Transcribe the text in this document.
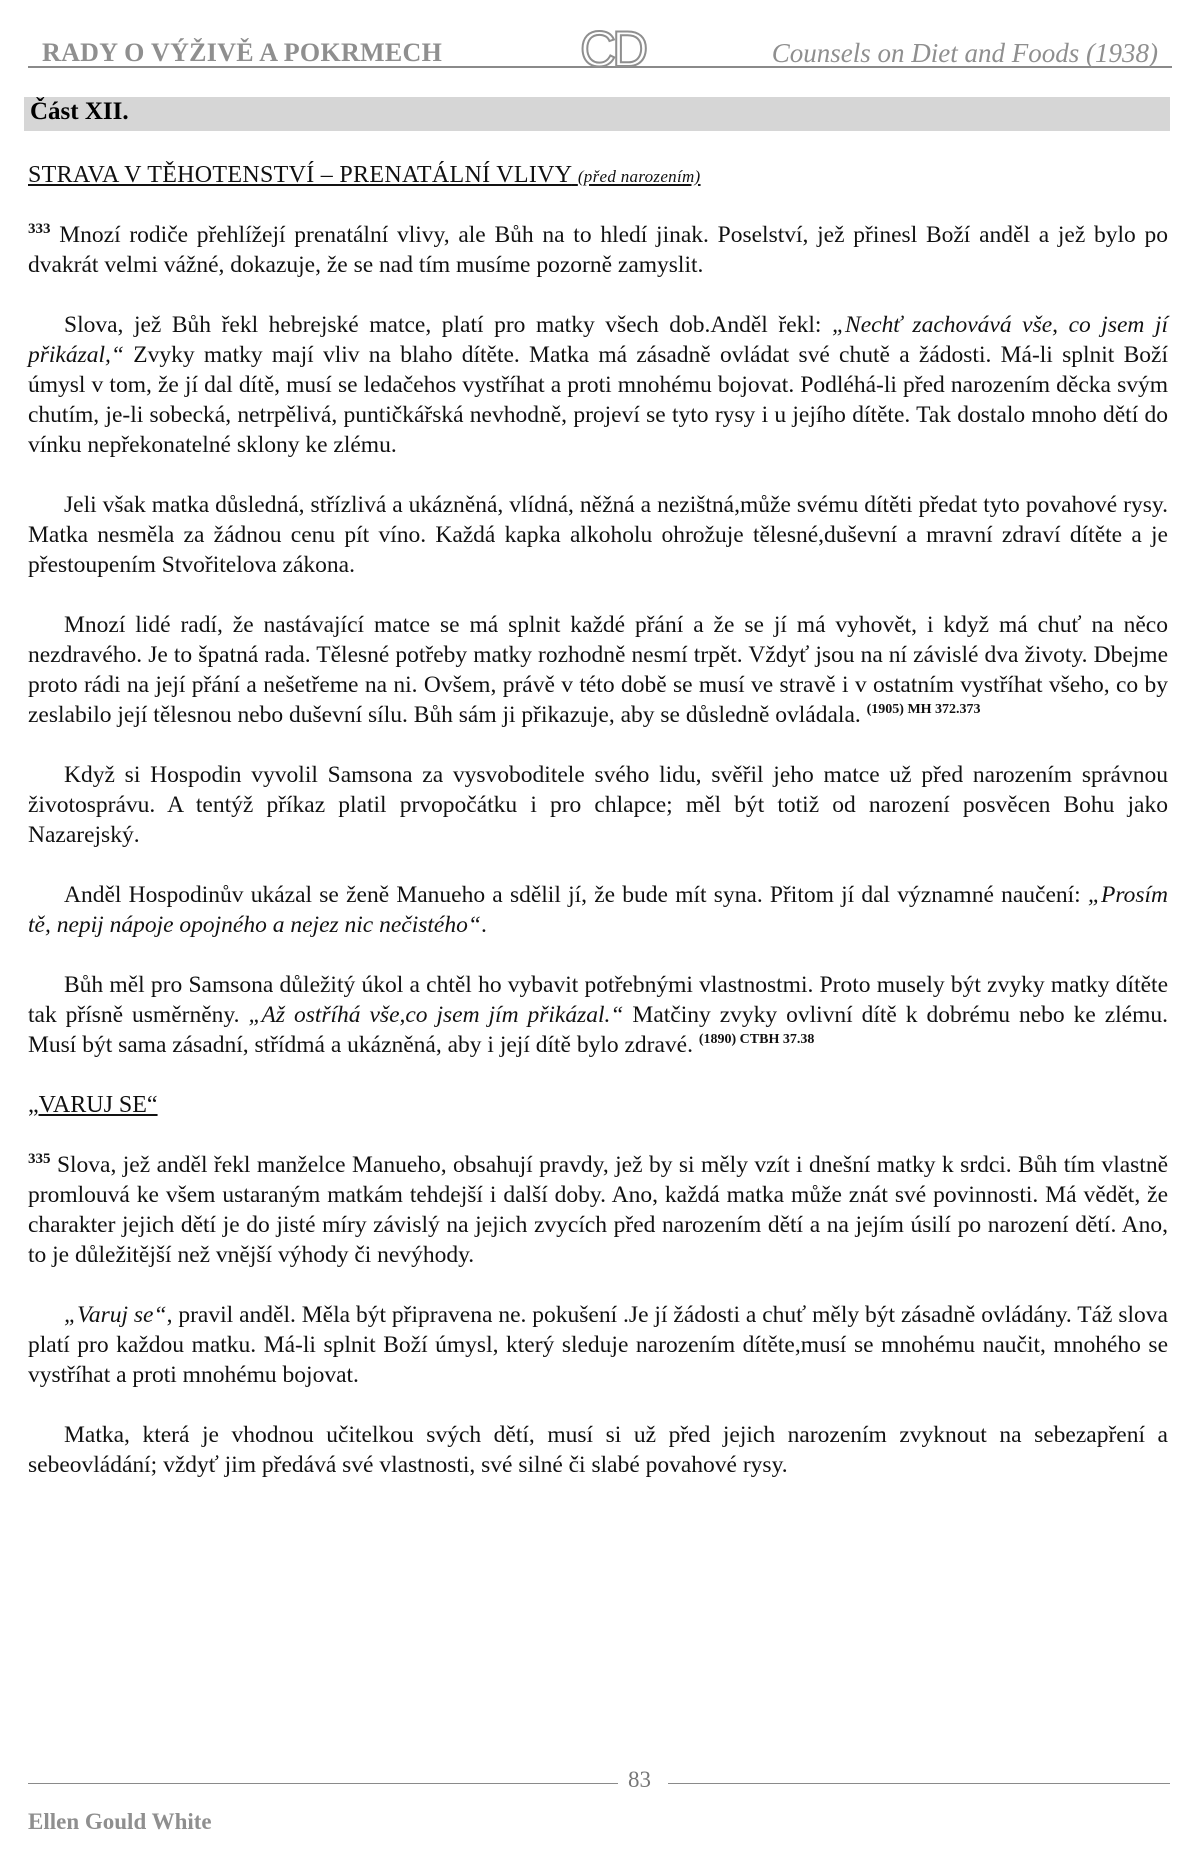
RADY O VÝŽIVĚ A POKRMECH	CD	Counsels on Diet and Foods (1938)
Část XII.
STRAVA V TĚHOTENSTVÍ – PRENATÁLNÍ VLIVY (před narozením)

$^{333}$ Mnozí rodiče přehlížejí prenatální vlivy, ale Bůh na to hledí jinak. Poselství, jež přinesl Boží anděl a jež bylo po dvakrát velmi vážné, dokazuje, že se nad tím musíme pozorně zamyslit.

Slova, jež Bůh řekl hebrejské matce, platí pro matky všech dob.Anděl řekl: „Nechť zachovává vše, co jsem jí přikázal,“ Zvyky matky mají vliv na blaho dítěte. Matka má zásadně ovládat své chutě a žádosti. Má-li splnit Boží úmysl v tom, že jí dal dítě, musí se ledačehos vystříhat a proti mnohému bojovat. Podléhá-li před narozením děcka svým chutím, je-li sobecká, netrpělivá, puntičkářská nevhodně, projeví se tyto rysy i u jejího dítěte. Tak dostalo mnoho dětí do vínku nepřekonatelné sklony ke zlému.

Jeli však matka důsledná, střízlivá a ukázněná, vlídná, něžná a nezištná,může svému dítěti předat tyto povahové rysy. Matka nesměla za žádnou cenu pít víno. Každá kapka alkoholu ohrožuje tělesné,duševní a mravní zdraví dítěte a je přestoupením Stvořitelova zákona.

Mnozí lidé radí, že nastávající matce se má splnit každé přání a že se jí má vyhovět, i když má chuť na něco nezdravého. Je to špatná rada. Tělesné potřeby matky rozhodně nesmí trpět. Vždyť jsou na ní závislé dva životy. Dbejme proto rádi na její přání a nešetřeme na ni. Ovšem, právě v této době se musí ve stravě i v ostatním vystříhat všeho, co by zeslabilo její tělesnou nebo duševní sílu. Bůh sám ji přikazuje, aby se důsledně ovládala. $^{(1905) MH 372.373}$

Když si Hospodin vyvolil Samsona za vysvoboditele svého lidu, svěřil jeho matce už před narozením správnou životosprávu. A tentýž příkaz platil prvopočátku i pro chlapce; měl být totiž od narození posvěcen Bohu jako Nazarejský.

Anděl Hospodinův ukázal se ženě Manueho a sdělil jí, že bude mít syna. Přitom jí dal významné naučení: „Prosím tě, nepij nápoje opojného a nejez nic nečistého“.

Bůh měl pro Samsona důležitý úkol a chtěl ho vybavit potřebnými vlastnostmi. Proto musely být zvyky matky dítěte tak přísně usměrněny. „Až ostříhá vše,co jsem jím přikázal.“ Matčiny zvyky ovlivní dítě k dobrému nebo ke zlému. Musí být sama zásadní, střídmá a ukázněná, aby i její dítě bylo zdravé. $^{(1890) CTBH 37.38}$

„VARUJ SE“

$^{335}$ Slova, jež anděl řekl manželce Manueho, obsahují pravdy, jež by si měly vzít i dnešní matky k srdci. Bůh tím vlastně promlouvá ke všem ustaraným matkám tehdejší i další doby. Ano, každá matka může znát své povinnosti. Má vědět, že charakter jejich dětí je do jisté míry závislý na jejich zvycích před narozením dětí a na jejím úsilí po narození dětí. Ano, to je důležitější než vnější výhody či nevýhody.

„Varuj se“, pravil anděl. Měla být připravena ne. pokušení .Je jí žádosti a chuť měly být zásadně ovládány. Táž slova platí pro každou matku. Má-li splnit Boží úmysl, který sleduje narozením dítěte,musí se mnohému naučit, mnohého se vystříhat a proti mnohému bojovat.

Matka, která je vhodnou učitelkou svých dětí, musí si už před jejich narozením zvyknout na sebezapření a sebeovládání; vždyť jim předává své vlastnosti, své silné či slabé povahové rysy.

83
Ellen Gould White
